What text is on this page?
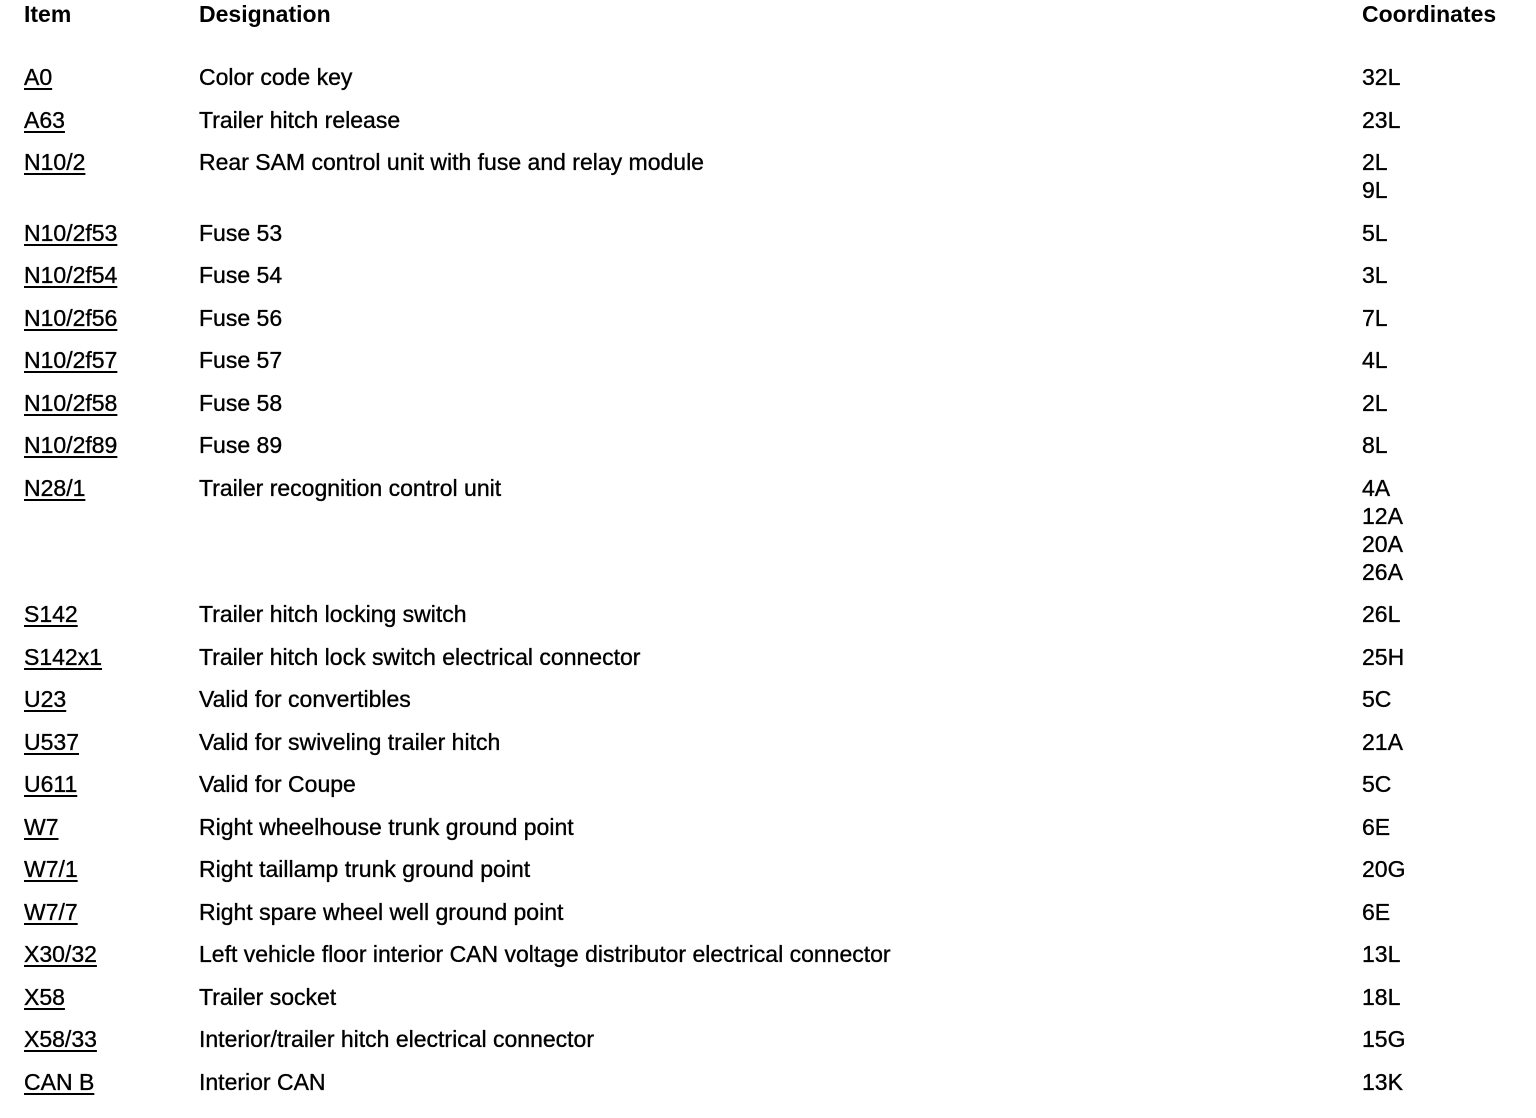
Item	Designation	Coordinates
A0	Color code key	32L
A63	Trailer hitch release	23L
N10/2	Rear SAM control unit with fuse and relay module	2L
9L
N10/2f53	Fuse 53	5L
N10/2f54	Fuse 54	3L
N10/2f56	Fuse 56	7L
N10/2f57	Fuse 57	4L
N10/2f58	Fuse 58	2L
N10/2f89	Fuse 89	8L
N28/1	Trailer recognition control unit	4A
12A
20A
26A
S142	Trailer hitch locking switch	26L
S142x1	Trailer hitch lock switch electrical connector	25H
U23	Valid for convertibles	5C
U537	Valid for swiveling trailer hitch	21A
U611	Valid for Coupe	5C
W7	Right wheelhouse trunk ground point	6E
W7/1	Right taillamp trunk ground point	20G
W7/7	Right spare wheel well ground point	6E
X30/32	Left vehicle floor interior CAN voltage distributor electrical connector	13L
X58	Trailer socket	18L
X58/33	Interior/trailer hitch electrical connector	15G
CAN B	Interior CAN	13K
